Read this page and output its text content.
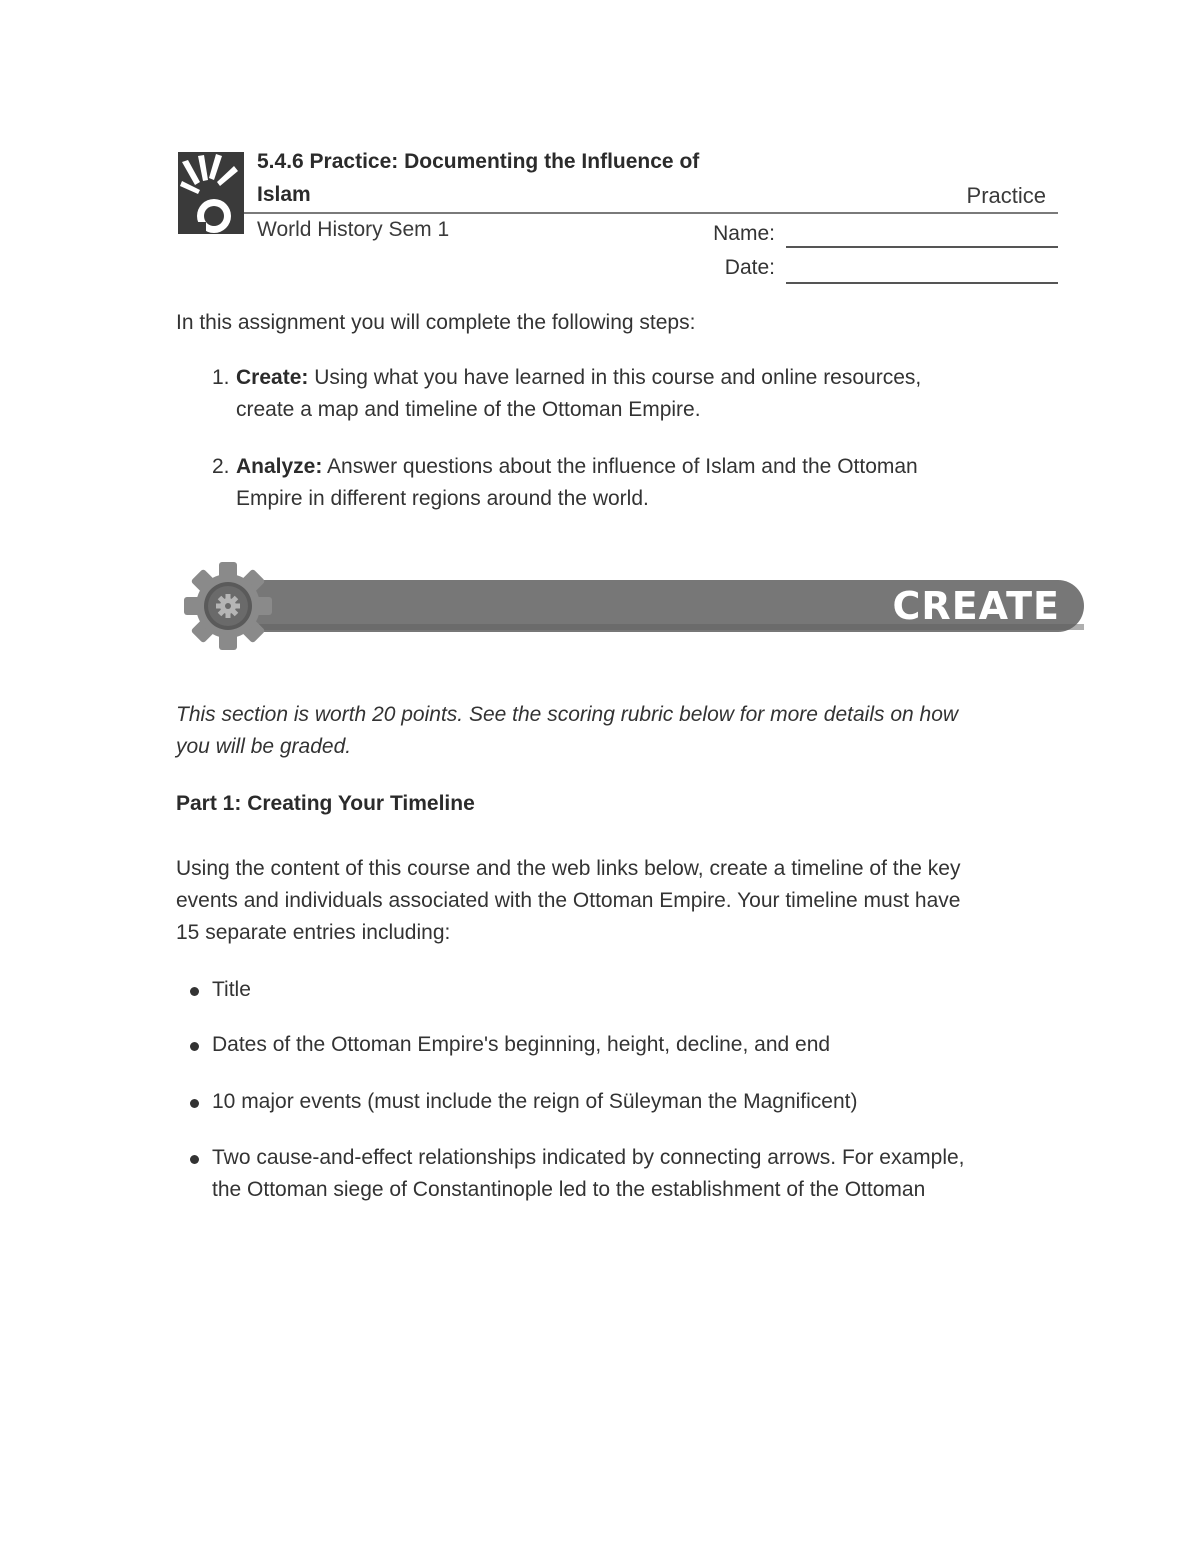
5.4.6 Practice: Documenting the Influence of
Islam	Practice
World History Sem 1	Name:
Date:
In this assignment you will complete the following steps:
1. Create: Using what you have learned in this course and online resources,
create a map and timeline of the Ottoman Empire.
2. Analyze: Answer questions about the influence of Islam and the Ottoman
Empire in different regions around the world.
CREATE
This section is worth 20 points. See the scoring rubric below for more details on how
you will be graded.
Part 1: Creating Your Timeline
Using the content of this course and the web links below, create a timeline of the key
events and individuals associated with the Ottoman Empire. Your timeline must have
15 separate entries including:
Title
Dates of the Ottoman Empire's beginning, height, decline, and end
10 major events (must include the reign of Süleyman the Magnificent)
Two cause-and-effect relationships indicated by connecting arrows. For example,
the Ottoman siege of Constantinople led to the establishment of the Ottoman
